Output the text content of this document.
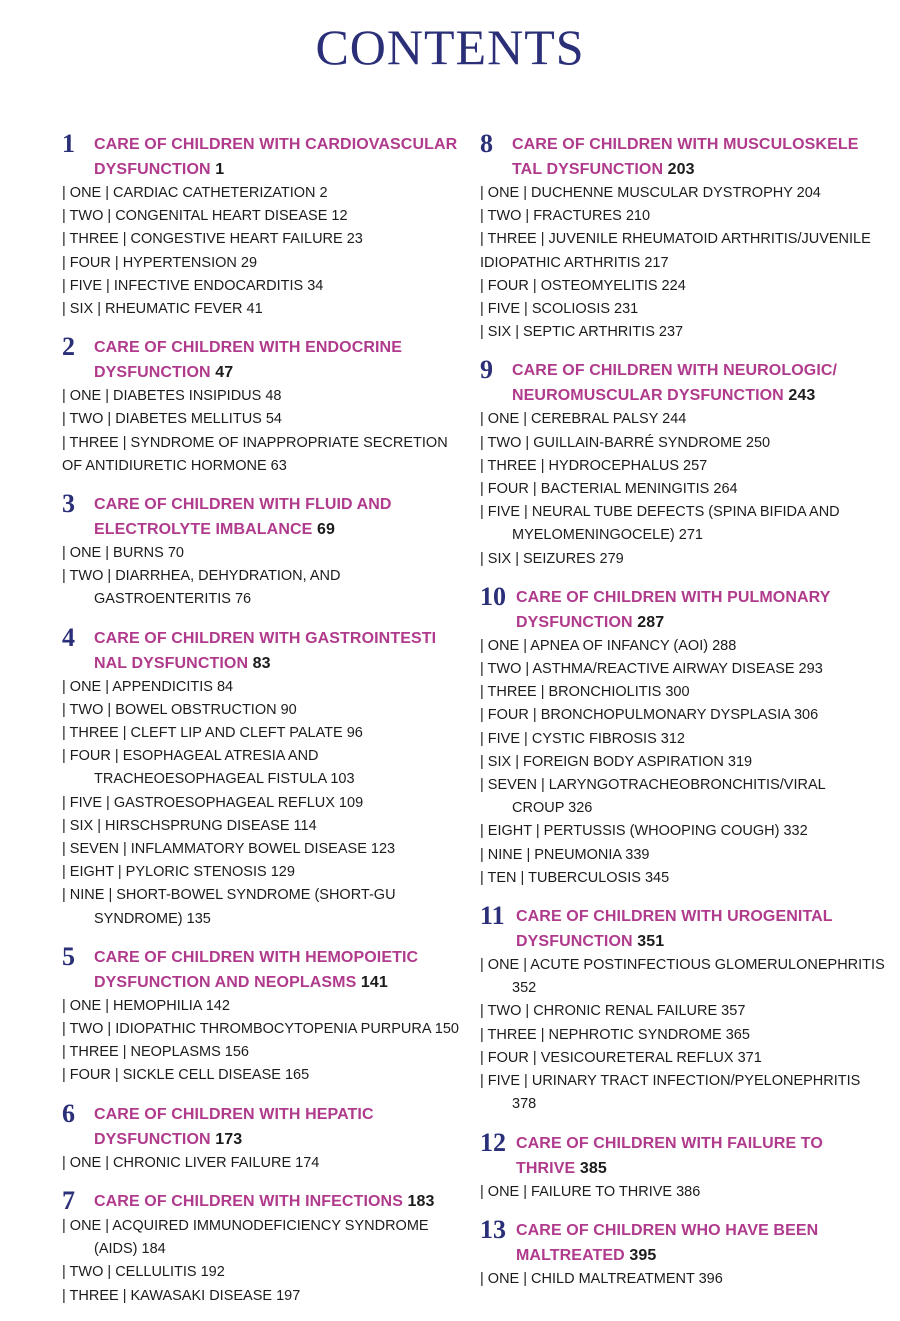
CONTENTS
1	CARE OF CHILDREN WITH CARDIOVASCULAR
DYSFUNCTION 1
| ONE | CARDIAC CATHETERIZATION 2
| TWO | CONGENITAL HEART DISEASE 12
| THREE | CONGESTIVE HEART FAILURE 23
| FOUR | HYPERTENSION 29
| FIVE | INFECTIVE ENDOCARDITIS 34
| SIX | RHEUMATIC FEVER 41
2	CARE OF CHILDREN WITH ENDOCRINE
DYSFUNCTION 47
| ONE | DIABETES INSIPIDUS 48
| TWO | DIABETES MELLITUS 54
| THREE | SYNDROME OF INAPPROPRIATE SECRETION
OF ANTIDIURETIC HORMONE 63
3	CARE OF CHILDREN WITH FLUID AND
ELECTROLYTE IMBALANCE 69
| ONE | BURNS 70
| TWO | DIARRHEA, DEHYDRATION, AND
GASTROENTERITIS 76
4	CARE OF CHILDREN WITH GASTROINTESTI
NAL DYSFUNCTION 83
| ONE | APPENDICITIS 84
| TWO | BOWEL OBSTRUCTION 90
| THREE | CLEFT LIP AND CLEFT PALATE 96
| FOUR | ESOPHAGEAL ATRESIA AND
TRACHEOESOPHAGEAL FISTULA 103
| FIVE | GASTROESOPHAGEAL REFLUX 109
| SIX | HIRSCHSPRUNG DISEASE 114
| SEVEN | INFLAMMATORY BOWEL DISEASE 123
| EIGHT | PYLORIC STENOSIS 129
| NINE | SHORT-BOWEL SYNDROME (SHORT-GU
SYNDROME) 135
5	CARE OF CHILDREN WITH HEMOPOIETIC
DYSFUNCTION AND NEOPLASMS 141
| ONE | HEMOPHILIA 142
| TWO | IDIOPATHIC THROMBOCYTOPENIA PURPURA 150
| THREE | NEOPLASMS 156
| FOUR | SICKLE CELL DISEASE 165
6	CARE OF CHILDREN WITH HEPATIC
DYSFUNCTION 173
| ONE | CHRONIC LIVER FAILURE 174
7	CARE OF CHILDREN WITH INFECTIONS 183
| ONE | ACQUIRED IMMUNODEFICIENCY SYNDROME
(AIDS) 184
| TWO | CELLULITIS 192
| THREE | KAWASAKI DISEASE 197
8	CARE OF CHILDREN WITH MUSCULOSKELE
TAL DYSFUNCTION 203
| ONE | DUCHENNE MUSCULAR DYSTROPHY 204
| TWO | FRACTURES 210
| THREE | JUVENILE RHEUMATOID ARTHRITIS/JUVENILE
IDIOPATHIC ARTHRITIS 217
| FOUR | OSTEOMYELITIS 224
| FIVE | SCOLIOSIS 231
| SIX | SEPTIC ARTHRITIS 237
9	CARE OF CHILDREN WITH NEUROLOGIC/
NEUROMUSCULAR DYSFUNCTION 243
| ONE | CEREBRAL PALSY 244
| TWO | GUILLAIN-BARRÉ SYNDROME 250
| THREE | HYDROCEPHALUS 257
| FOUR | BACTERIAL MENINGITIS 264
| FIVE | NEURAL TUBE DEFECTS (SPINA BIFIDA AND
MYELOMENINGOCELE) 271
| SIX | SEIZURES 279
10 CARE OF CHILDREN WITH PULMONARY
DYSFUNCTION 287
| ONE | APNEA OF INFANCY (AOI) 288
| TWO | ASTHMA/REACTIVE AIRWAY DISEASE 293
| THREE | BRONCHIOLITIS 300
| FOUR | BRONCHOPULMONARY DYSPLASIA 306
| FIVE | CYSTIC FIBROSIS 312
| SIX | FOREIGN BODY ASPIRATION 319
| SEVEN | LARYNGOTRACHEOBRONCHITIS/VIRAL
CROUP 326
| EIGHT | PERTUSSIS (WHOOPING COUGH) 332
| NINE | PNEUMONIA 339
| TEN | TUBERCULOSIS 345
11 CARE OF CHILDREN WITH UROGENITAL
DYSFUNCTION 351
| ONE | ACUTE POSTINFECTIOUS GLOMERULONEPHRITIS
352
| TWO | CHRONIC RENAL FAILURE 357
| THREE | NEPHROTIC SYNDROME 365
| FOUR | VESICOURETERAL REFLUX 371
| FIVE | URINARY TRACT INFECTION/PYELONEPHRITIS
378
12 CARE OF CHILDREN WITH FAILURE TO
THRIVE 385
| ONE | FAILURE TO THRIVE 386
13 CARE OF CHILDREN WHO HAVE BEEN
MALTREATED 395
| ONE | CHILD MALTREATMENT 396
